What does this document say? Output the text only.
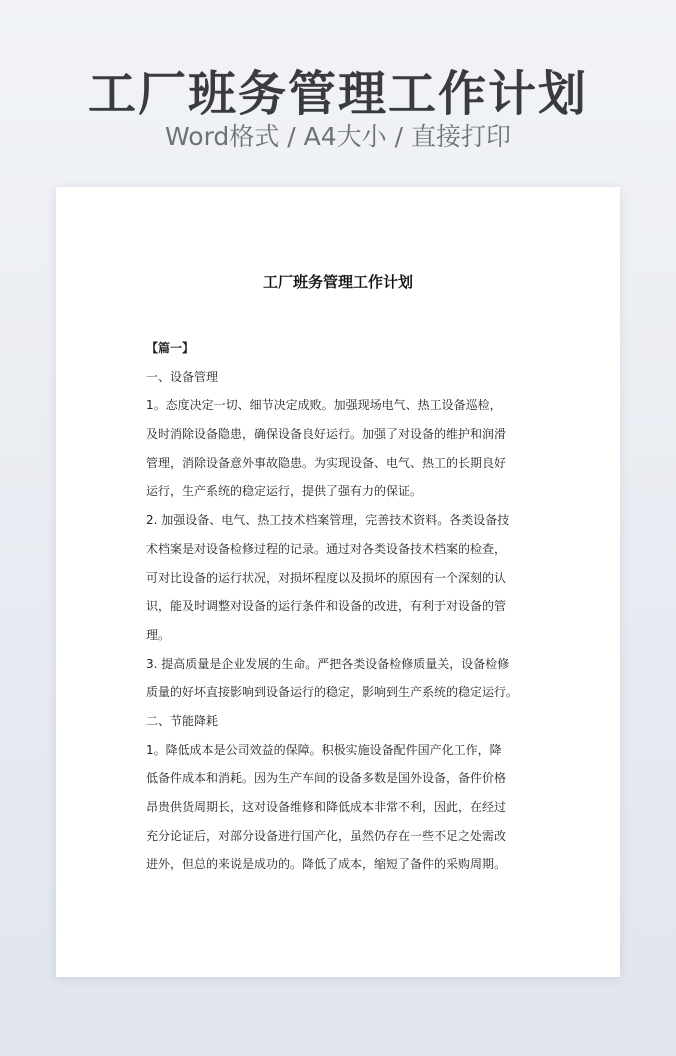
工厂班务管理工作计划
Word格式 / A4大小 / 直接打印
工厂班务管理工作计划
【篇一】
一、设备管理
1。态度决定一切、细节决定成败。加强现场电气、热工设备巡检，
及时消除设备隐患，确保设备良好运行。加强了对设备的维护和润滑
管理，消除设备意外事故隐患。为实现设备、电气、热工的长期良好
运行，生产系统的稳定运行，提供了强有力的保证。
2. 加强设备、电气、热工技术档案管理，完善技术资料。各类设备技
术档案是对设备检修过程的记录。通过对各类设备技术档案的检查，
可对比设备的运行状况，对损坏程度以及损坏的原因有一个深刻的认
识，能及时调整对设备的运行条件和设备的改进，有利于对设备的管
理。
3. 提高质量是企业发展的生命。严把各类设备检修质量关，设备检修
质量的好坏直接影响到设备运行的稳定，影响到生产系统的稳定运行。
二、节能降耗
1。降低成本是公司效益的保障。积极实施设备配件国产化工作，降
低备件成本和消耗。因为生产车间的设备多数是国外设备，备件价格
昂贵供货周期长，这对设备维修和降低成本非常不利，因此，在经过
充分论证后，对部分设备进行国产化，虽然仍存在一些不足之处需改
进外，但总的来说是成功的。降低了成本，缩短了备件的采购周期。
